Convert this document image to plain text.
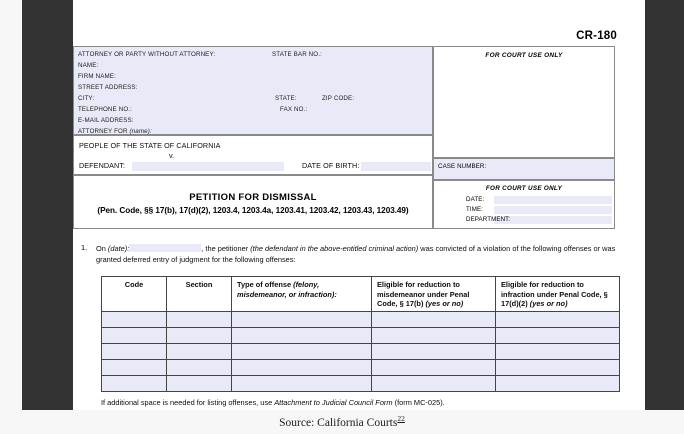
CR-180
ATTORNEY OR PARTY WITHOUT ATTORNEY:	STATE BAR NO.:
NAME:
FIRM NAME:
STREET ADDRESS:
CITY:	STATE:	ZIP CODE:
TELEPHONE NO.:	FAX NO.:
E-MAIL ADDRESS:
ATTORNEY FOR (name):
PEOPLE OF THE STATE OF CALIFORNIA
v.
DEFENDANT:	DATE OF BIRTH:
PETITION FOR DISMISSAL
(Pen. Code, §§ 17(b), 17(d)(2), 1203.4, 1203.4a, 1203.41, 1203.42, 1203.43, 1203.49)
FOR COURT USE ONLY
CASE NUMBER:
FOR COURT USE ONLY
DATE:
TIME:
DEPARTMENT:
1. On (date):	, the petitioner (the defendant in the above-entitled criminal action) was convicted of a violation of the following offenses or was granted deferred entry of judgment for the following offenses:
Code	Section	Type of offense (felony, misdemeanor, or infraction):	Eligible for reduction to misdemeanor under Penal Code, § 17(b) (yes or no)	Eligible for reduction to infraction under Penal Code, § 17(d)(2) (yes or no)

If additional space is needed for listing offenses, use Attachment to Judicial Council Form (form MC-025).
Source: California Courts$^{22}$
